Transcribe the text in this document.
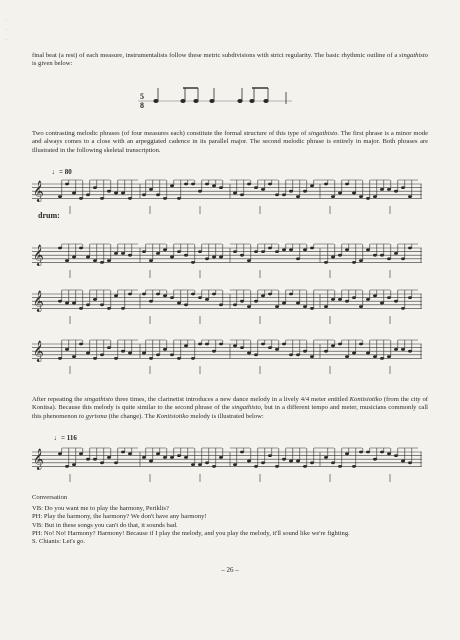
·
·
·

final beat (a rest) of each measure, instrumentalists follow these metric subdivisions with strict regularity. The basic rhythmic outline of a singathisto is given below:

Two contrasting melodic phrases (of four measures each) constitute the formal structure of this type of singathisto. The first phrase is a minor mode and always comes to a close with an arpeggiated cadence in its parallel major. The second melodic phrase is entirely in major. Both phrases are illustrated in the following skeletal transcription.

After repeating the singathisto three times, the clarinetist introduces a new dance melody in a lively 4/4 meter entitled Konitsiotiko (from the city of Konitsa). Because this melody is quite similar to the second phrase of the singathisto, but in a different tempo and meter, musicians commonly call this phenomenon to gyrisma (the change). The Konitsiotiko melody is illustrated below:

5
8
𝄞
𝄞
𝄞
𝄞
𝄞
drum:
♩= 80
♩= 116
Conversation
VB: Do you want me to play the harmony, Periklis?
PH: Play the harmony, the harmony? We don't have any harmony!
VB: But in these songs you can't do that, it sounds bad.
PH: No! No! Harmony? Harmony! Because if I play the melody, and you play the melody, it'll sound like we're fighting.
S. Chianis: Let's go.
– 26 –
